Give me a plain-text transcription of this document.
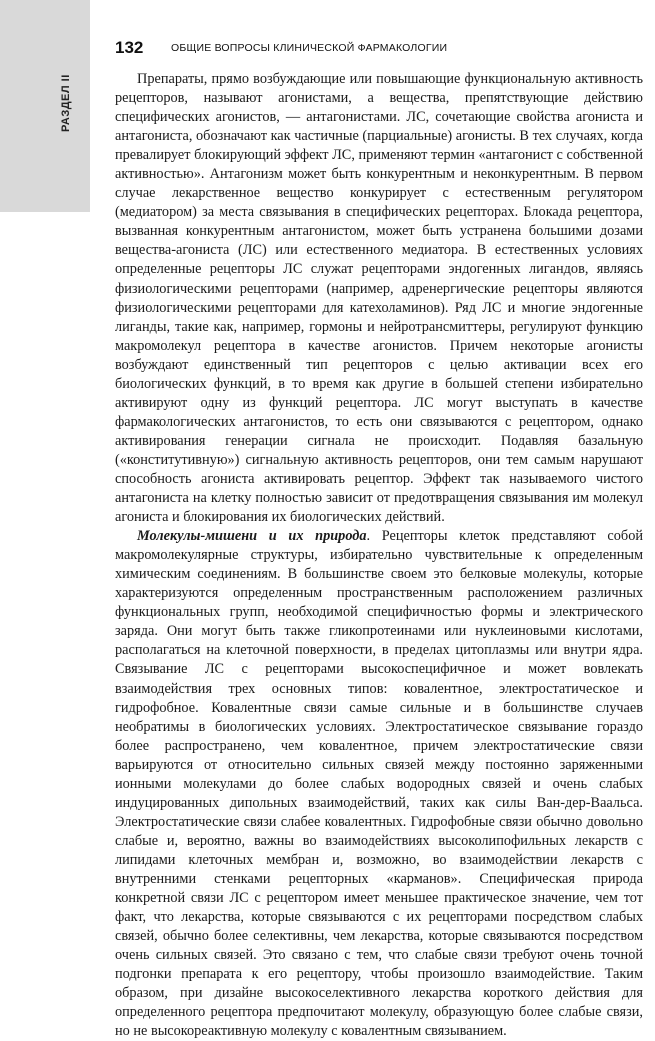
РАЗДЕЛ II
132	ОБЩИЕ ВОПРОСЫ КЛИНИЧЕСКОЙ ФАРМАКОЛОГИИ

Препараты, прямо возбуждающие или повышающие функциональную активность рецепторов, называют агонистами, а вещества, препятствующие действию специфических агонистов, — антагонистами. ЛС, сочетающие свойства агониста и антагониста, обозначают как частичные (парциальные) агонисты. В тех случаях, когда превалирует блокирующий эффект ЛС, применяют термин «антагонист с собственной активностью». Антагонизм может быть конкурентным и неконкурентным. В первом случае лекарственное вещество конкурирует с естественным регулятором (медиатором) за места связывания в специфических рецепторах. Блокада рецептора, вызванная конкурентным антагонистом, может быть устранена большими дозами вещества-агониста (ЛС) или естественного медиатора. В естественных условиях определенные рецепторы ЛС служат рецепторами эндогенных лигандов, являясь физиологическими рецепторами (например, адренергические рецепторы являются физиологическими рецепторами для катехоламинов). Ряд ЛС и многие эндогенные лиганды, такие как, например, гормоны и нейротрансмиттеры, регулируют функцию макромолекул рецептора в качестве агонистов. Причем некоторые агонисты возбуждают единственный тип рецепторов с целью активации всех его биологических функций, в то время как другие в большей степени избирательно активируют одну из функций рецептора. ЛС могут выступать в качестве фармакологических антагонистов, то есть они связываются с рецептором, однако активирования генерации сигнала не происходит. Подавляя базальную («конститутивную») сигнальную активность рецепторов, они тем самым нарушают способность агониста активировать рецептор. Эффект так называемого чистого антагониста на клетку полностью зависит от предотвращения связывания им молекул агониста и блокирования их биологических действий.

Молекулы-мишени и их природа. Рецепторы клеток представляют собой макромолекулярные структуры, избирательно чувствительные к определенным химическим соединениям. В большинстве своем это белковые молекулы, которые характеризуются определенным пространственным расположением различных функциональных групп, необходимой специфичностью формы и электрического заряда. Они могут быть также гликопротеинами или нуклеиновыми кислотами, располагаться на клеточной поверхности, в пределах цитоплазмы или внутри ядра. Связывание ЛС с рецепторами высокоспецифичное и может вовлекать взаимодействия трех основных типов: ковалентное, электростатическое и гидрофобное. Ковалентные связи самые сильные и в большинстве случаев необратимы в биологических условиях. Электростатическое связывание гораздо более распространено, чем ковалентное, причем электростатические связи варьируются от относительно сильных связей между постоянно заряженными ионными молекулами до более слабых водородных связей и очень слабых индуцированных дипольных взаимодействий, таких как силы Ван-дер-Ваальса. Электростатические связи слабее ковалентных. Гидрофобные связи обычно довольно слабые и, вероятно, важны во взаимодействиях высоколипофильных лекарств с липидами клеточных мембран и, возможно, во взаимодействии лекарств с внутренними стенками рецепторных «карманов». Специфическая природа конкретной связи ЛС с рецептором имеет меньшее практическое значение, чем тот факт, что лекарства, которые связываются с их рецепторами посредством слабых связей, обычно более селективны, чем лекарства, которые связываются посредством очень сильных связей. Это связано с тем, что слабые связи требуют очень точной подгонки препарата к его рецептору, чтобы произошло взаимодействие. Таким образом, при дизайне высокоселективного лекарства короткого действия для определенного рецептора предпочитают молекулу, образующую более слабые связи, но не высокореактивную молекулу с ковалентным связыванием.
